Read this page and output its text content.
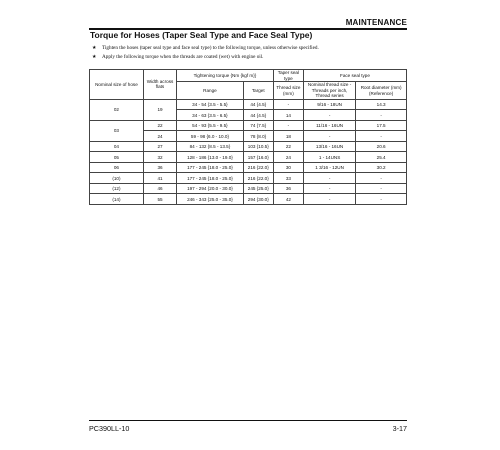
MAINTENANCE
Torque for Hoses (Taper Seal Type and Face Seal Type)
★ Tighten the hoses (taper seal type and face seal type) to the following torque, unless otherwise specified.
★ Apply the following torque when the threads are coated (wet) with engine oil.
Nominal size of hose	Width across flats	Tightening torque {Nm {kgf m}}		Taper seal type	Face seal type	
		Range	Target	Thread size (mm)	Nominal thread size - Threads per inch, Thread series	Root diameter (mm) (Reference)
02	19	34 - 54 {3.5 - 5.5}	44 {4.5}	-	9/16 - 18UN	14.3
		34 - 63 {3.5 - 6.5}	44 {4.5}	14	-	-
03	22	54 - 93 {5.5 - 9.5}	74 {7.5}	-	11/16 - 16UN	17.5
	24	59 - 98 {6.0 - 10.0}	78 {8.0}	18	-	-
04	27	84 - 132 {8.5 - 13.5}	103 {10.5}	22	13/16 - 16UN	20.6
05	32	128 - 186 {13.0 - 19.0}	157 {16.0}	24	1 - 14UNS	25.4
06	36	177 - 245 {18.0 - 25.0}	216 {22.0}	30	1 3/16 - 12UN	30.2
(10)	41	177 - 245 {18.0 - 25.0}	216 {22.0}	33	-	-
(12)	46	197 - 294 {20.0 - 30.0}	245 {25.0}	36	-	-
(14)	55	246 - 343 {25.0 - 35.0}	294 {30.0}	42	-	-
PC390LL-10	3-17
